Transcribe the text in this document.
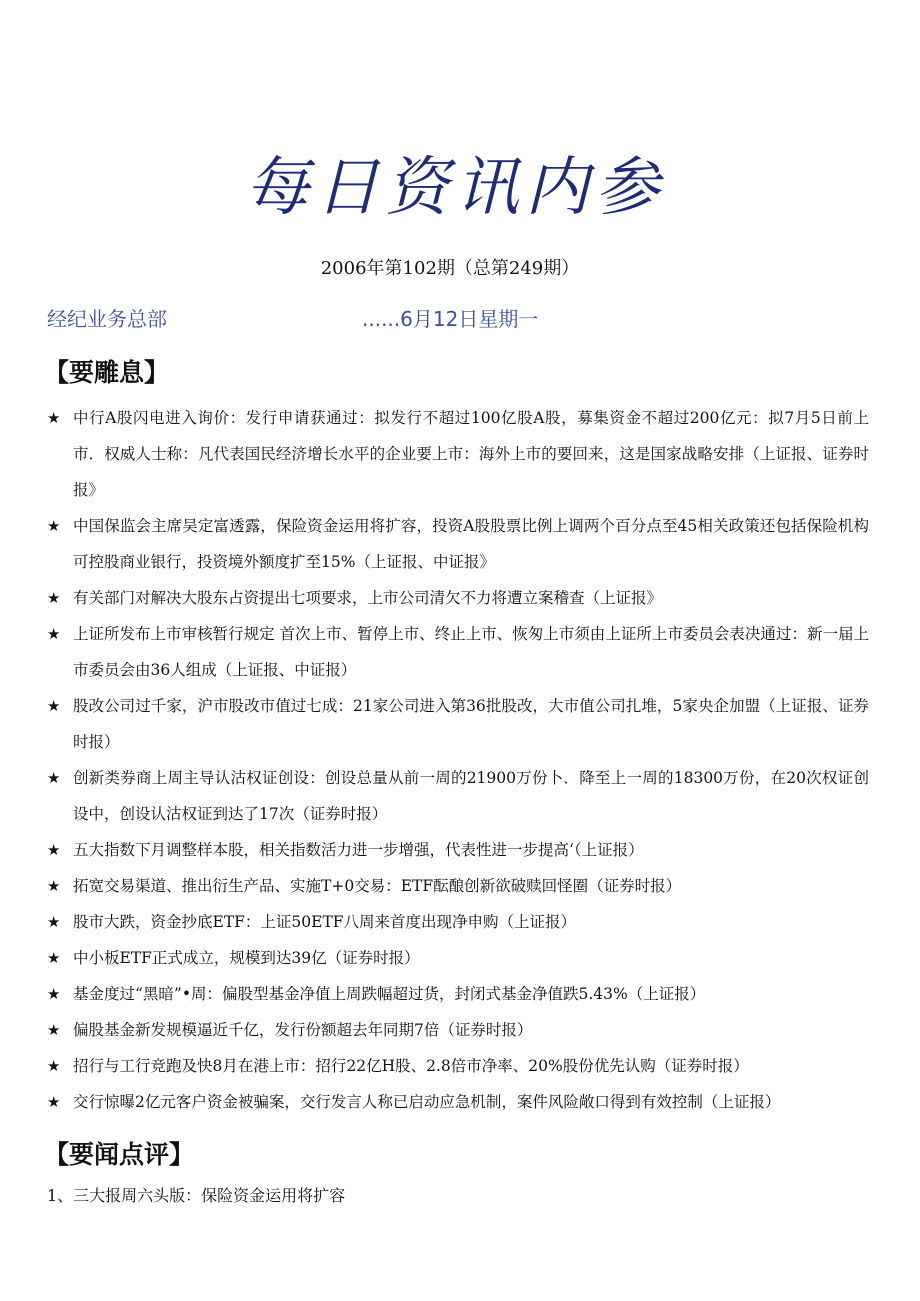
每日资讯内参
2006年第102期（总第249期）
经纪业务总部	......6月12日星期一
【要雕息】
★ 中行A股闪电进入询价：发行申请获通过：拟发行不超过100亿股A股，募集资金不超过200亿元：拟7月5日前上市．权威人士称：凡代表国民经济增长水平的企业要上市：海外上市的要回来，这是国家战略安排（上证报、证券时报》
★ 中国保监会主席吴定富透露，保险资金运用将扩容，投资A股股票比例上调两个百分点至45相关政策还包括保险机构可控股商业银行，投资境外额度扩至15%（上证报、中证报》
★ 有关部门对解决大股东占资提出七项要求，上市公司清欠不力将遭立案稽查（上证报》
★ 上证所发布上市审核暂行规定 首次上市、暂停上市、终止上市、恢匆上市须由上证所上市委员会表决通过：新一届上市委员会由36人组成（上证报、中证报）
★ 股改公司过千家，沪市股改市值过七成：21家公司进入第36批股改，大市值公司扎堆，5家央企加盟（上证报、证券时报）
★ 创新类券商上周主导认沽权证创设：创设总量从前一周的21900万份卜．降至上一周的18300万份，在20次权证创设中，创设认沽权证到达了17次（证券时报）
★ 五大指数下月调整样本股，相关指数活力进一步增强，代表性进一步提高‘（上证报）
★ 拓宽交易渠道、推出衍生产品、实施T+0交易：ETF酝酿创新欲破赎回怪圈（证券时报）
★ 股市大跌，资金抄底ETF：上证50ETF八周来首度出现净申购（上证报）
★ 中小板ETF正式成立，规模到达39亿（证券时报）
★ 基金度过“黑暗”•周：偏股型基金净值上周跌幅超过货，封闭式基金净值跌5.43%（上证报）
★ 偏股基金新发规模逼近千亿，发行份额超去年同期7倍（证券时报）
★ 招行与工行竞跑及快8月在港上市：招行22亿H股、2.8倍市净率、20%股份优先认购（证券时报）
★ 交行惊曝2亿元客户资金被骗案，交行发言人称已启动应急机制，案件风险敞口得到有效控制（上证报）
【要闻点评】
1、三大报周六头版：保险资金运用将扩容
